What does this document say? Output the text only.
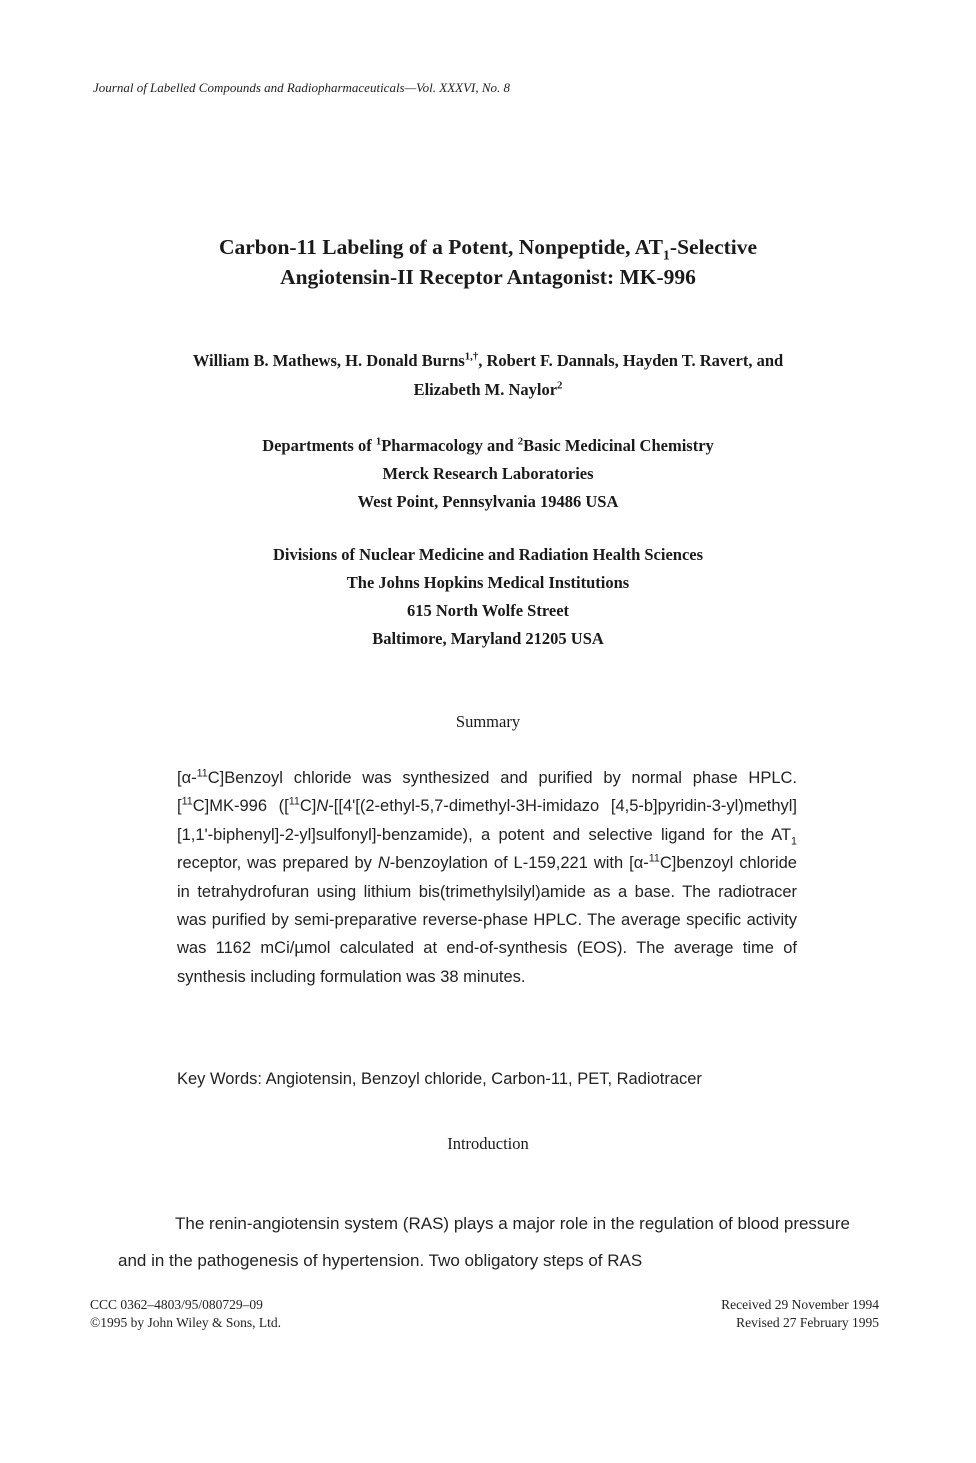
Journal of Labelled Compounds and Radiopharmaceuticals—Vol. XXXVI, No. 8
Carbon-11 Labeling of a Potent, Nonpeptide, $AT_1$-Selective
Angiotensin-II Receptor Antagonist: MK-996
William B. Mathews, H. Donald Burns$^{1,\dagger}$, Robert F. Dannals, Hayden T. Ravert, and
Elizabeth M. Naylor$^2$
Departments of $^1$Pharmacology and $^2$Basic Medicinal Chemistry
Merck Research Laboratories
West Point, Pennsylvania 19486 USA
Divisions of Nuclear Medicine and Radiation Health Sciences
The Johns Hopkins Medical Institutions
615 North Wolfe Street
Baltimore, Maryland 21205 USA
Summary
[α-$^{11}$C]Benzoyl chloride was synthesized and purified by normal phase HPLC. [$^{11}$C]MK-996 ([$^{11}$C]N-[[4'[(2-ethyl-5,7-dimethyl-3H-imidazo [4,5-b]pyridin-3-yl)methyl][1,1'-biphenyl]-2-yl]sulfonyl]-benzamide), a potent and selective ligand for the $AT_1$ receptor, was prepared by N-benzoylation of L-159,221 with [α-$^{11}$C]benzoyl chloride in tetrahydrofuran using lithium bis(trimethylsilyl)amide as a base. The radiotracer was purified by semi-preparative reverse-phase HPLC. The average specific activity was 1162 mCi/µmol calculated at end-of-synthesis (EOS). The average time of synthesis including formulation was 38 minutes.
Key Words: Angiotensin, Benzoyl chloride, Carbon-11, PET, Radiotracer
Introduction
The renin-angiotensin system (RAS) plays a major role in the regulation of blood pressure and in the pathogenesis of hypertension. Two obligatory steps of RAS
CCC 0362–4803/95/080729–09
©1995 by John Wiley & Sons, Ltd.
Received 29 November 1994
Revised 27 February 1995
